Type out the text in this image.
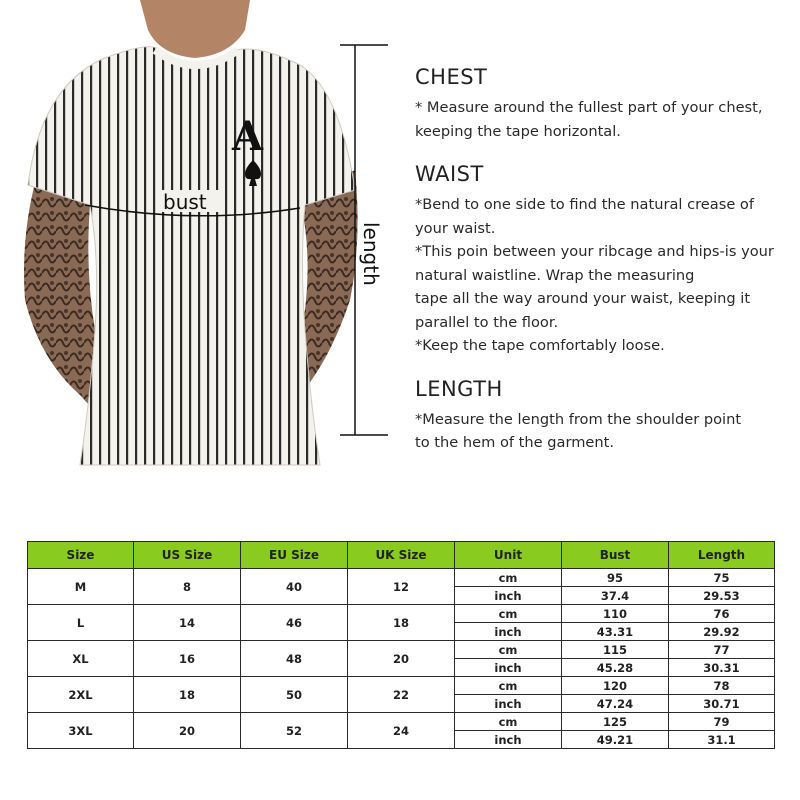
A
bust
length
CHEST

* Measure around the fullest part of your chest,
keeping the tape horizontal.

WAIST

*Bend to one side to find the natural crease of
your waist.
*This poin between your ribcage and hips-is your
natural waistline. Wrap the measuring
tape all the way around your waist, keeping it
parallel to the floor.
*Keep the tape comfortably loose.

LENGTH

*Measure the length from the shoulder point
to the hem of the garment.

Size	US Size	EU Size	UK Size	Unit	Bust	Length
M	8	40	12	cm	95	75
				inch	37.4	29.53
L	14	46	18	cm	110	76
				inch	43.31	29.92
XL	16	48	20	cm	115	77
				inch	45.28	30.31
2XL	18	50	22	cm	120	78
				inch	47.24	30.71
3XL	20	52	24	cm	125	79
				inch	49.21	31.1
